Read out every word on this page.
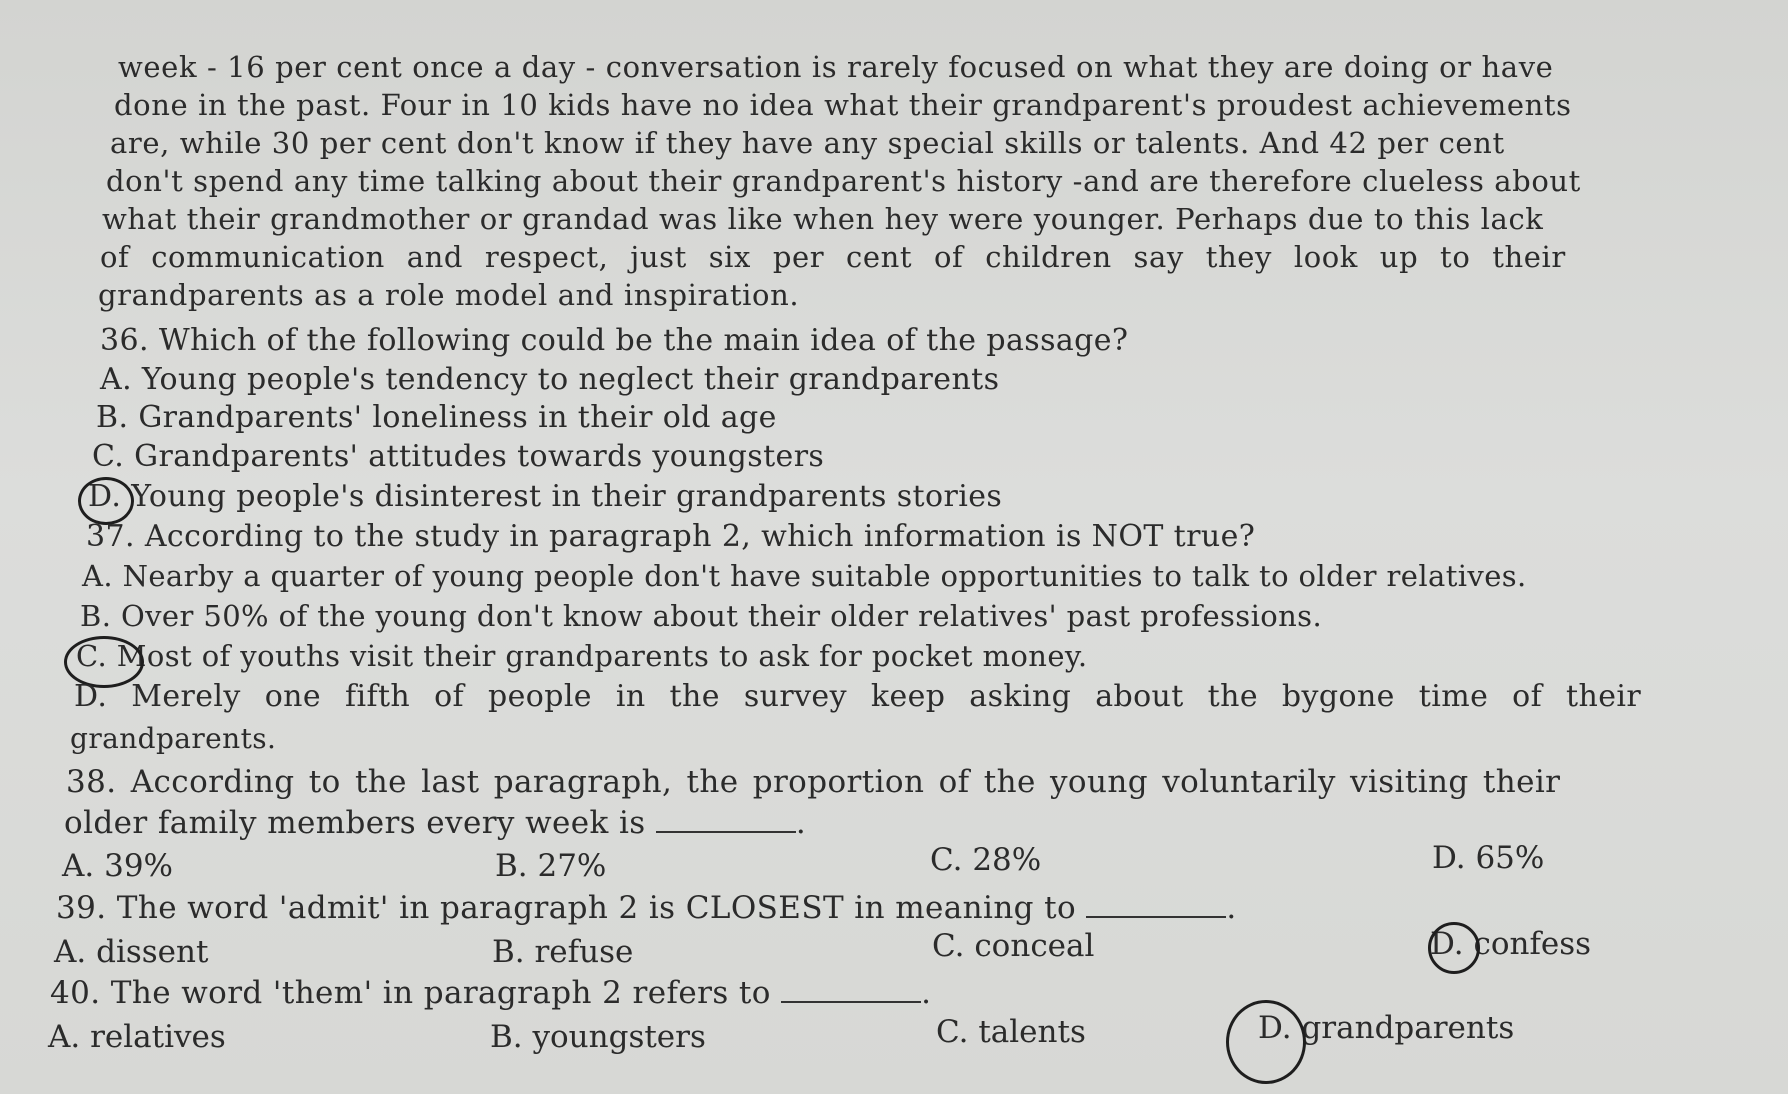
week - 16 per cent once a day - conversation is rarely focused on what they are doing or have
done in the past. Four in 10 kids have no idea what their grandparent's proudest achievements
are, while 30 per cent don't know if they have any special skills or talents. And 42 per cent
don't spend any time talking about their grandparent's history -and are therefore clueless about
what their grandmother or grandad was like when hey were younger. Perhaps due to this lack
of communication and respect, just six per cent of children say they look up to their
grandparents as a role model and inspiration.
36. Which of the following could be the main idea of the passage?
A. Young people's tendency to neglect their grandparents
B. Grandparents' loneliness in their old age
C. Grandparents' attitudes towards youngsters
D. Young people's disinterest in their grandparents stories
37. According to the study in paragraph 2, which information is NOT true?
A. Nearby a quarter of young people don't have suitable opportunities to talk to older relatives.
B. Over 50% of the young don't know about their older relatives' past professions.
C. Most of youths visit their grandparents to ask for pocket money.
D. Merely one fifth of people in the survey keep asking about the bygone time of their
grandparents.
38. According to the last paragraph, the proportion of the young voluntarily visiting their
older family members every week is	.
A. 39%	B. 27%	C. 28%	D. 65%
39. The word 'admit' in paragraph 2 is CLOSEST in meaning to	.
A. dissent	B. refuse	C. conceal	D. confess
40. The word 'them' in paragraph 2 refers to	.
A. relatives	B. youngsters	C. talents	D. grandparents
